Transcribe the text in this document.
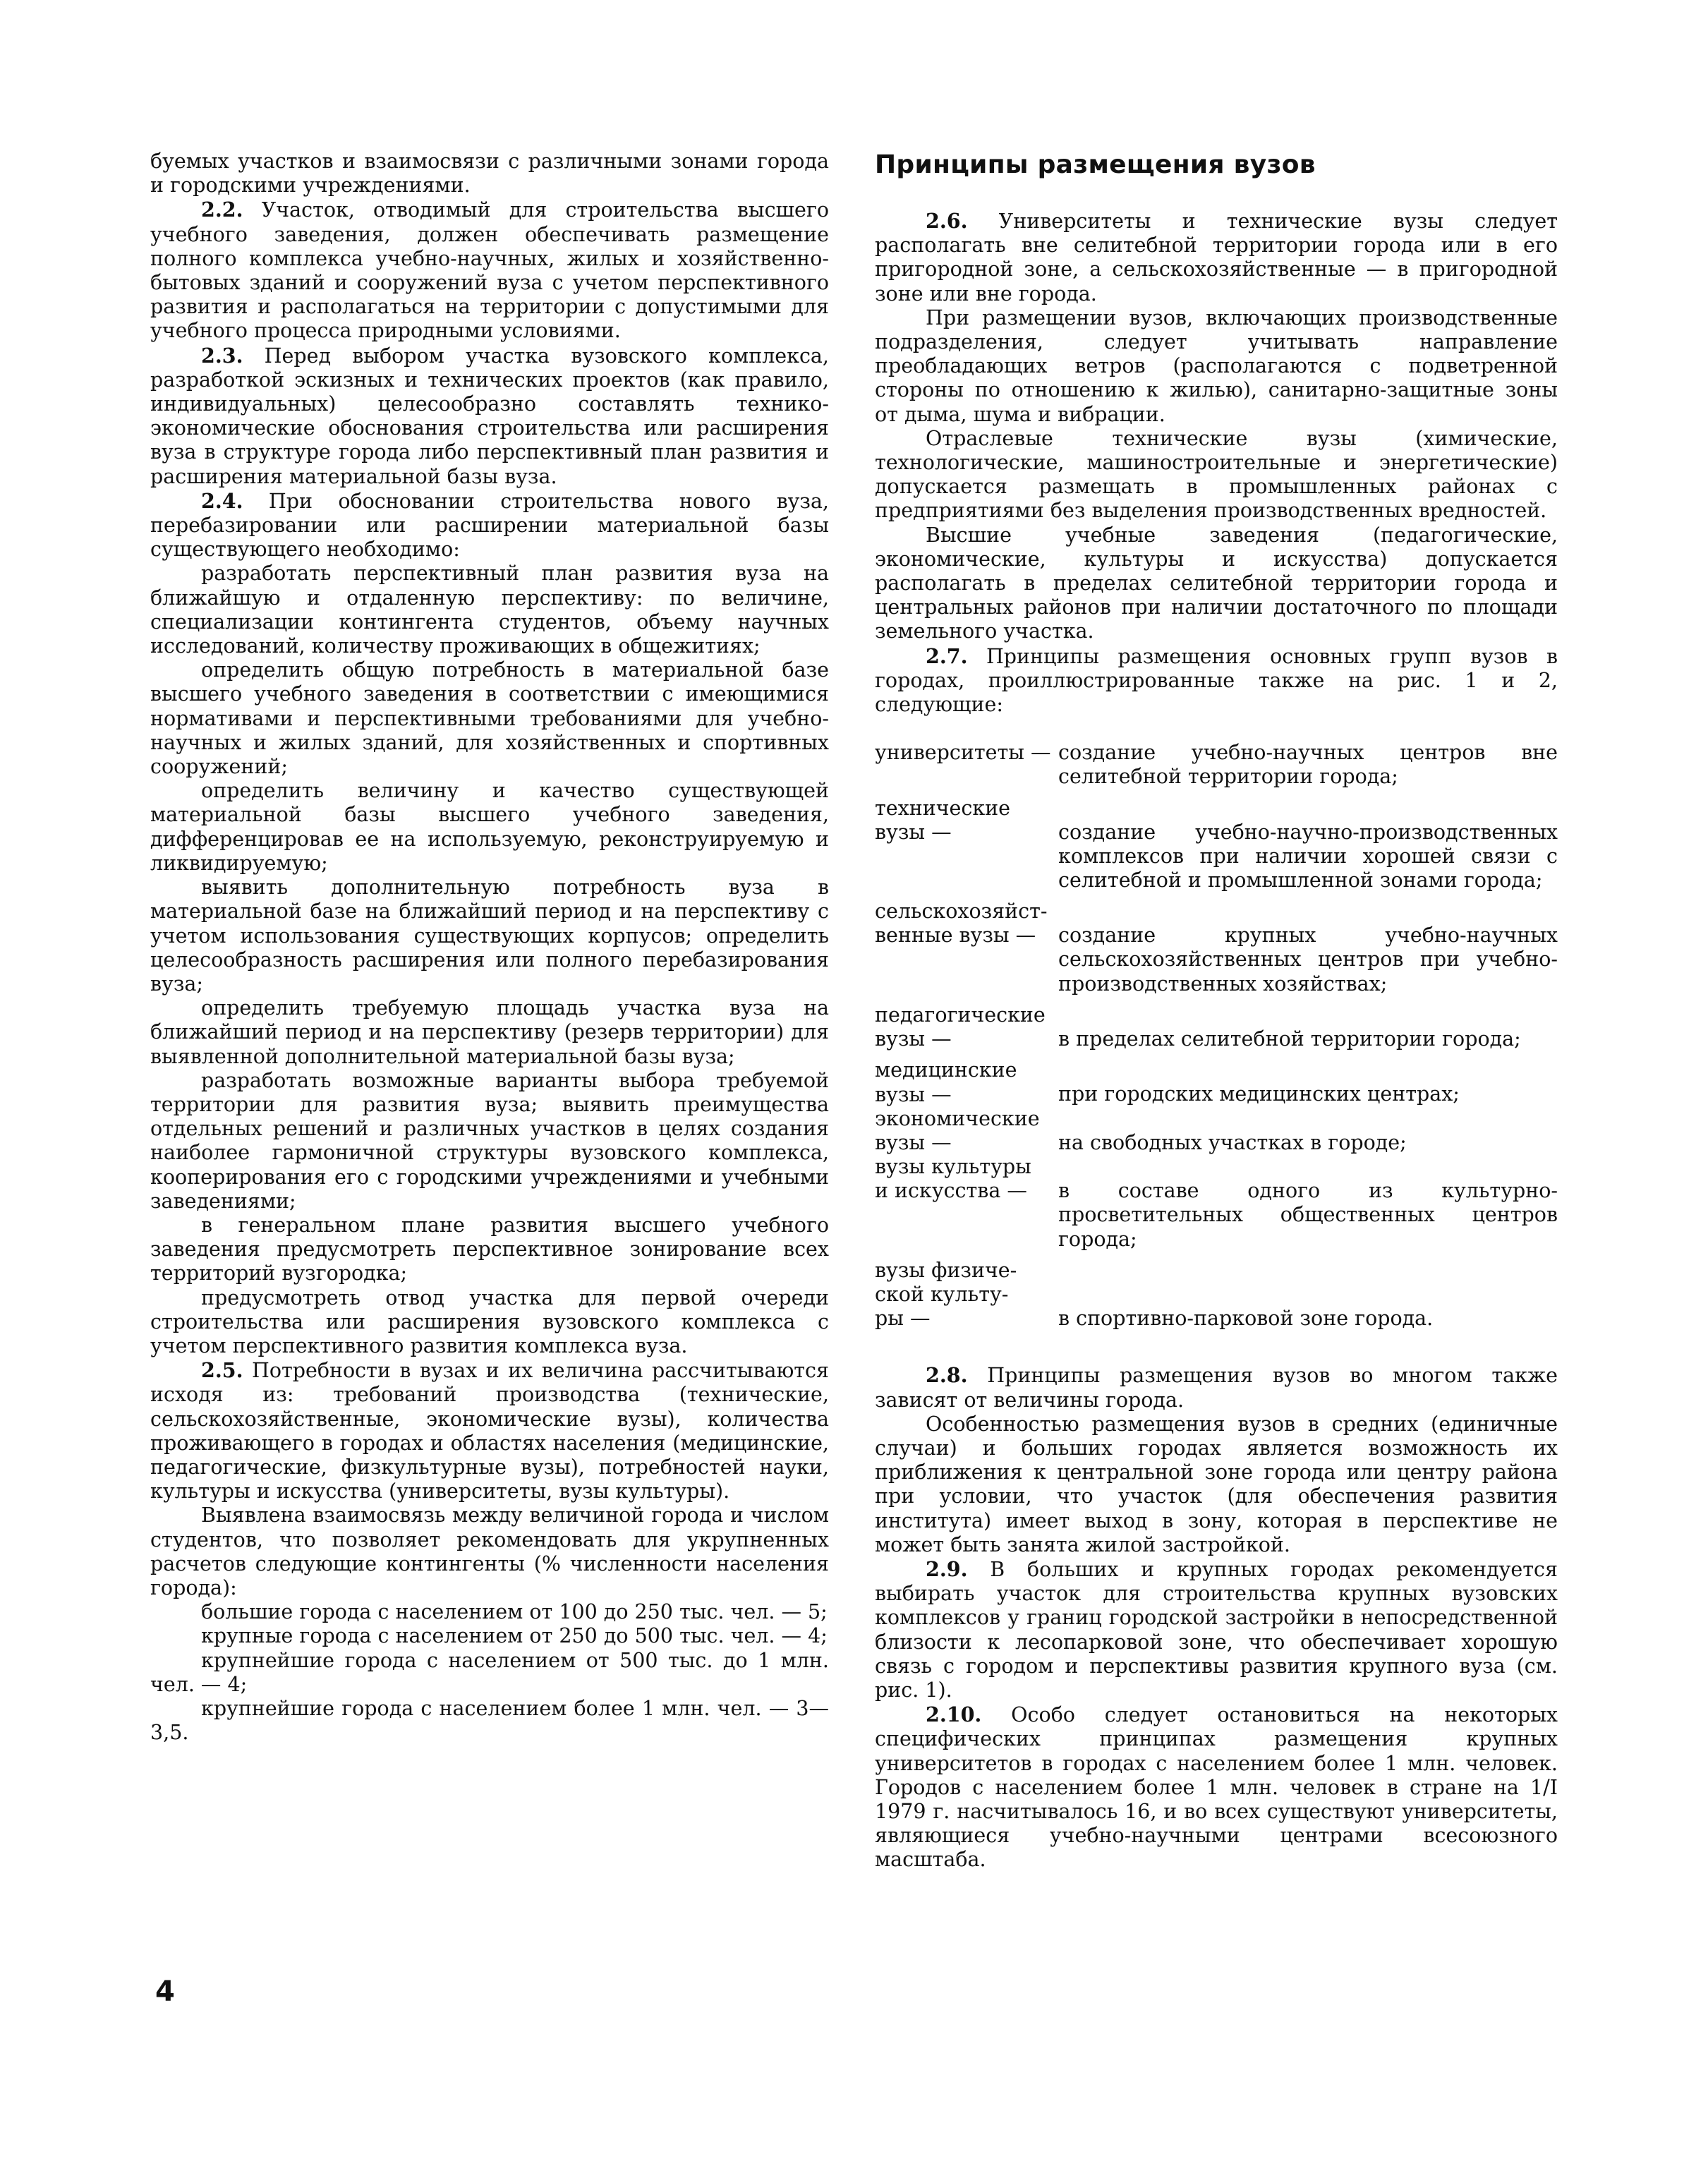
буемых участков и взаимосвязи с различными зонами города и городскими учреждениями.

2.2. Участок, отводимый для строительства высшего учебного заведения, должен обеспечивать размещение полного комплекса учебно-научных, жилых и хозяйственно-бытовых зданий и сооружений вуза с учетом перспективного развития и располагаться на территории с допустимыми для учебного процесса природными условиями.

2.3. Перед выбором участка вузовского комплекса, разработкой эскизных и технических проектов (как правило, индивидуальных) целесообразно составлять технико-экономические обоснования строительства или расширения вуза в структуре города либо перспективный план развития и расширения материальной базы вуза.

2.4. При обосновании строительства нового вуза, перебазировании или расширении материальной базы существующего необходимо:

разработать перспективный план развития вуза на ближайшую и отдаленную перспективу: по величине, специализации контингента студентов, объему научных исследований, количеству проживающих в общежитиях;

определить общую потребность в материальной базе высшего учебного заведения в соответствии с имеющимися нормативами и перспективными требованиями для учебно-научных и жилых зданий, для хозяйственных и спортивных сооружений;

определить величину и качество существующей материальной базы высшего учебного заведения, дифференцировав ее на используемую, реконструируемую и ликвидируемую;

выявить дополнительную потребность вуза в материальной базе на ближайший период и на перспективу с учетом использования существующих корпусов; определить целесообразность расширения или полного перебазирования вуза;

определить требуемую площадь участка вуза на ближайший период и на перспективу (резерв территории) для выявленной дополнительной материальной базы вуза;

разработать возможные варианты выбора требуемой территории для развития вуза; выявить преимущества отдельных решений и различных участков в целях создания наиболее гармоничной структуры вузовского комплекса, кооперирования его с городскими учреждениями и учебными заведениями;

в генеральном плане развития высшего учебного заведения предусмотреть перспективное зонирование всех территорий вузгородка;

предусмотреть отвод участка для первой очереди строительства или расширения вузовского комплекса с учетом перспективного развития комплекса вуза.

2.5. Потребности в вузах и их величина рассчитываются исходя из: требований производства (технические, сельскохозяйственные, экономические вузы), количества проживающего в городах и областях населения (медицинские, педагогические, физкультурные вузы), потребностей науки, культуры и искусства (университеты, вузы культуры).

Выявлена взаимосвязь между величиной города и числом студентов, что позволяет рекомендовать для укрупненных расчетов следующие контингенты (% численности населения города):

большие города с населением от 100 до 250 тыс. чел. — 5;

крупные города с населением от 250 до 500 тыс. чел. — 4;

крупнейшие города с населением от 500 тыс. до 1 млн. чел. — 4;

крупнейшие города с населением более 1 млн. чел. — 3—3,5.

Принципы размещения вузов

2.6. Университеты и технические вузы следует располагать вне селитебной территории города или в его пригородной зоне, а сельскохозяйственные — в пригородной зоне или вне города.

При размещении вузов, включающих производственные подразделения, следует учитывать направление преобладающих ветров (располагаются с подветренной стороны по отношению к жилью), санитарно-защитные зоны от дыма, шума и вибрации.

Отраслевые технические вузы (химические, технологические, машиностроительные и энергетические) допускается размещать в промышленных районах с предприятиями без выделения производственных вредностей.

Высшие учебные заведения (педагогические, экономические, культуры и искусства) допускается располагать в пределах селитебной территории города и центральных районов при наличии достаточного по площади земельного участка.

2.7. Принципы размещения основных групп вузов в городах, проиллюстрированные также на рис. 1 и 2, следующие:

университеты — создание учебно-научных центров вне селитебной территории города;
технические
вузы —	создание учебно-научно-производственных комплексов при наличии хорошей связи с селитебной и промышленной зонами города;
сельскохозяйст-
венные вузы —	создание крупных учебно-научных сельскохозяйственных центров при учебно-производственных хозяйствах;
педагогические
вузы —	в пределах селитебной территории города;
медицинские
вузы —	при городских медицинских центрах;
экономические
вузы —	на свободных участках в городе;
вузы культуры
и искусства —	в составе одного из культурно-просветительных общественных центров города;
вузы физиче-
ской культу-
ры —	в спортивно-парковой зоне города.

2.8. Принципы размещения вузов во многом также зависят от величины города.

Особенностью размещения вузов в средних (единичные случаи) и больших городах является возможность их приближения к центральной зоне города или центру района при условии, что участок (для обеспечения развития института) имеет выход в зону, которая в перспективе не может быть занята жилой застройкой.

2.9. В больших и крупных городах рекомендуется выбирать участок для строительства крупных вузовских комплексов у границ городской застройки в непосредственной близости к лесопарковой зоне, что обеспечивает хорошую связь с городом и перспективы развития крупного вуза (см. рис. 1).

2.10. Особо следует остановиться на некоторых специфических принципах размещения крупных университетов в городах с населением более 1 млн. человек. Городов с населением более 1 млн. человек в стране на 1/I 1979 г. насчитывалось 16, и во всех существуют университеты, являющиеся учебно-научными центрами всесоюзного масштаба.

4
